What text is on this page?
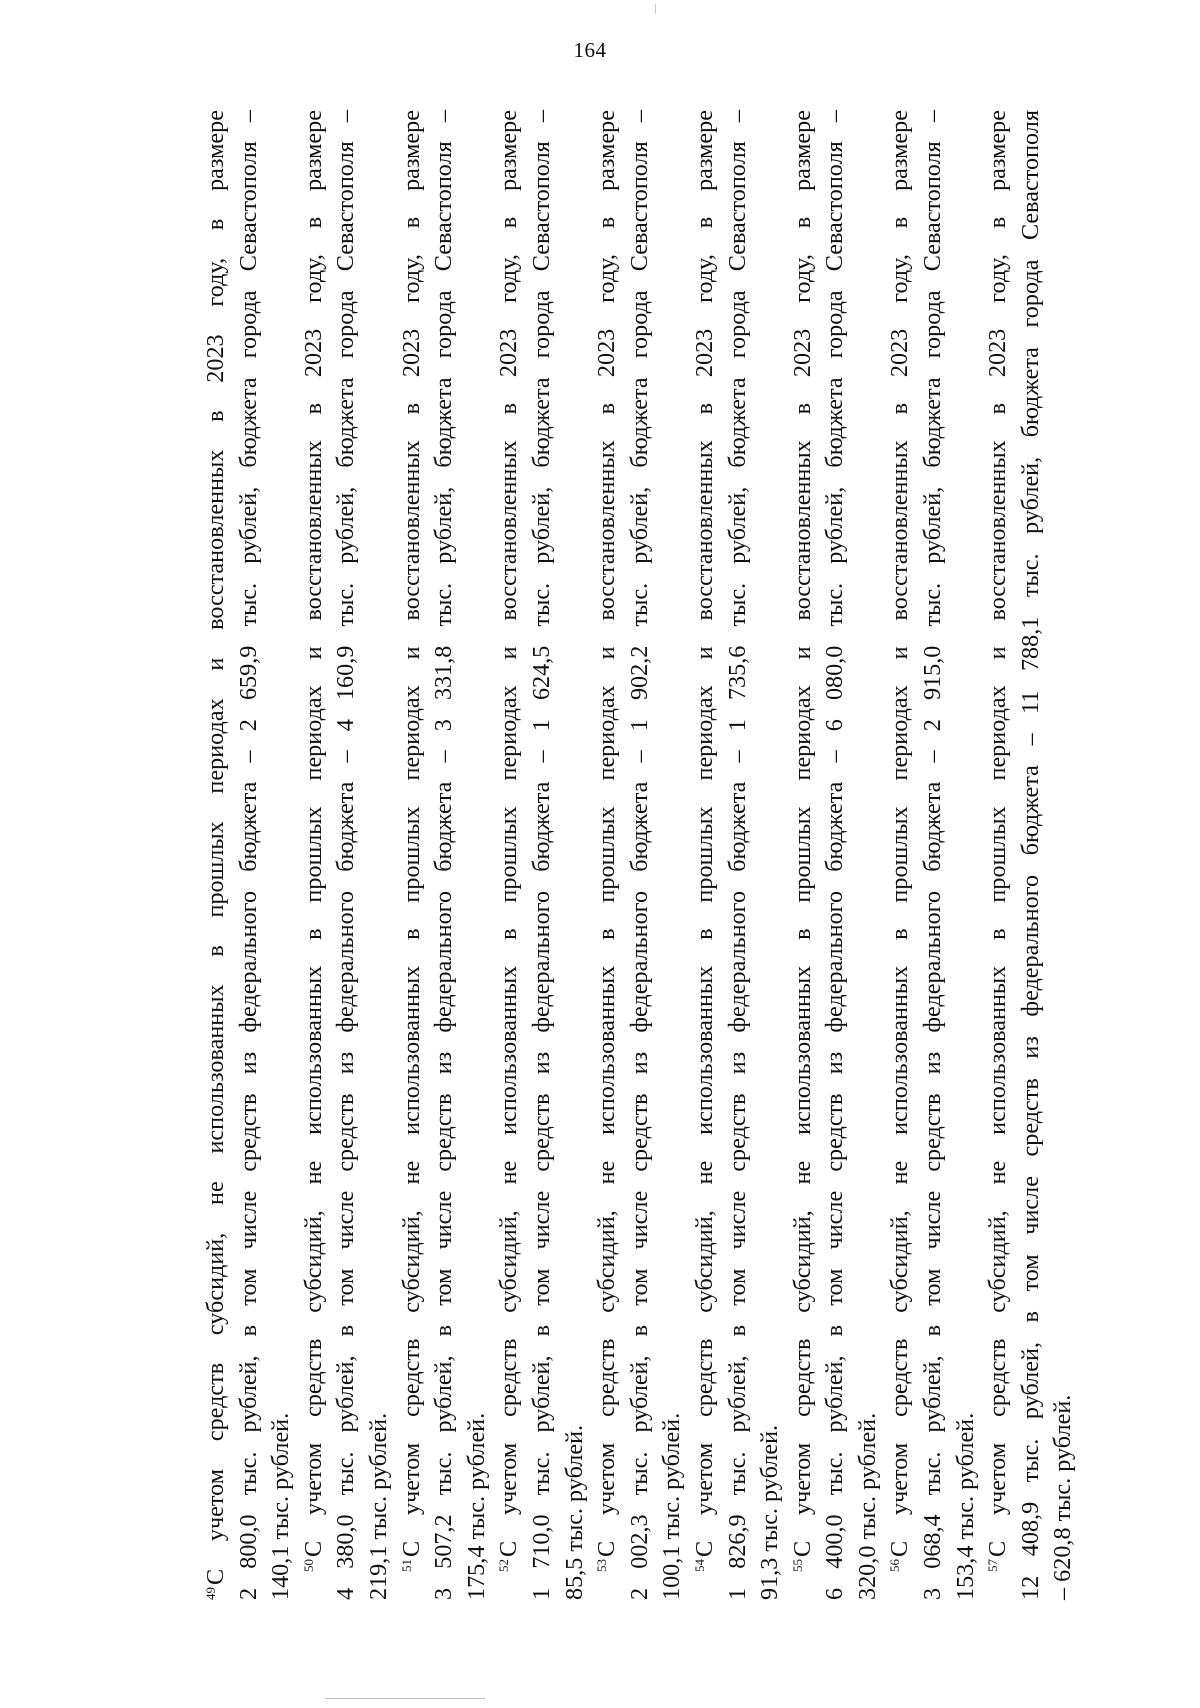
164
$^{49}$С учетом средств субсидий, не использованных в прошлых периодах и восстановленных в 2023 году, в размере 2 800,0 тыс. рублей, в том числе средств из федерального бюджета – 2 659,9 тыс. рублей, бюджета города Севастополя – 140,1 тыс. рублей. $^{50}$С учетом средств субсидий, не использованных в прошлых периодах и восстановленных в 2023 году, в размере 4 380,0 тыс. рублей, в том числе средств из федерального бюджета – 4 160,9 тыс. рублей, бюджета города Севастополя – 219,1 тыс. рублей. $^{51}$С учетом средств субсидий, не использованных в прошлых периодах и восстановленных в 2023 году, в размере 3 507,2 тыс. рублей, в том числе средств из федерального бюджета – 3 331,8 тыс. рублей, бюджета города Севастополя – 175,4 тыс. рублей. $^{52}$С учетом средств субсидий, не использованных в прошлых периодах и восстановленных в 2023 году, в размере 1 710,0 тыс. рублей, в том числе средств из федерального бюджета – 1 624,5 тыс. рублей, бюджета города Севастополя – 85,5 тыс. рублей. $^{53}$С учетом средств субсидий, не использованных в прошлых периодах и восстановленных в 2023 году, в размере 2 002,3 тыс. рублей, в том числе средств из федерального бюджета – 1 902,2 тыс. рублей, бюджета города Севастополя – 100,1 тыс. рублей. $^{54}$С учетом средств субсидий, не использованных в прошлых периодах и восстановленных в 2023 году, в размере 1 826,9 тыс. рублей, в том числе средств из федерального бюджета – 1 735,6 тыс. рублей, бюджета города Севастополя – 91,3 тыс. рублей. $^{55}$С учетом средств субсидий, не использованных в прошлых периодах и восстановленных в 2023 году, в размере 6 400,0 тыс. рублей, в том числе средств из федерального бюджета – 6 080,0 тыс. рублей, бюджета города Севастополя – 320,0 тыс. рублей. $^{56}$С учетом средств субсидий, не использованных в прошлых периодах и восстановленных в 2023 году, в размере 3 068,4 тыс. рублей, в том числе средств из федерального бюджета – 2 915,0 тыс. рублей, бюджета города Севастополя – 153,4 тыс. рублей. $^{57}$С учетом средств субсидий, не использованных в прошлых периодах и восстановленных в 2023 году, в размере 12 408,9 тыс. рублей, в том числе средств из федерального бюджета – 11 788,1 тыс. рублей, бюджета города Севастополя – 620,8 тыс. рублей.
